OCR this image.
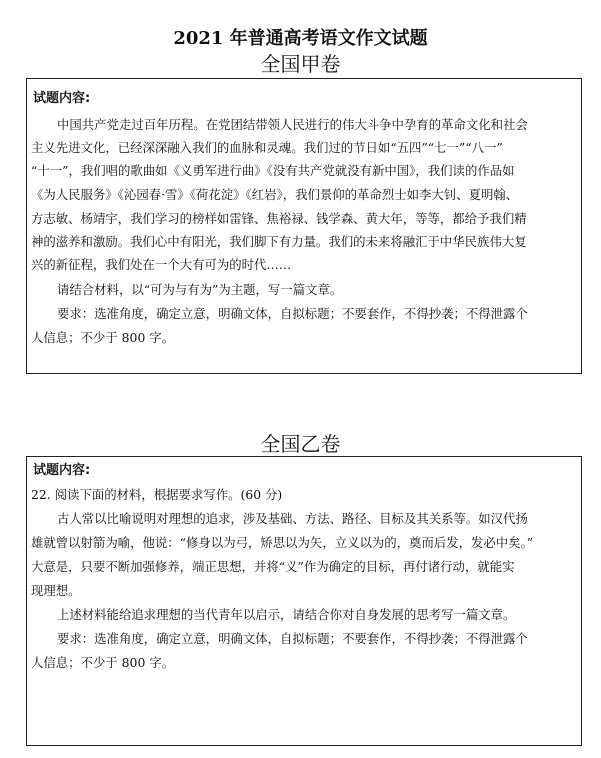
2021 年普通高考语文作文试题
全国甲卷
试题内容:
中国共产党走过百年历程。在党团结带领人民进行的伟大斗争中孕育的革命文化和社会
主义先进文化，已经深深融入我们的血脉和灵魂。我们过的节日如“五四”“七一”“八一”
“十一”，我们唱的歌曲如《义勇军进行曲》《没有共产党就没有新中国》，我们读的作品如
《为人民服务》《沁园春·雪》《荷花淀》《红岩》，我们景仰的革命烈士如李大钊、夏明翰、
方志敏、杨靖宇，我们学习的榜样如雷锋、焦裕禄、钱学森、黄大年，等等，都给予我们精
神的滋养和激励。我们心中有阳光，我们脚下有力量。我们的未来将融汇于中华民族伟大复
兴的新征程，我们处在一个大有可为的时代……
请结合材料，以“可为与有为”为主题，写一篇文章。
要求：选准角度，确定立意，明确文体，自拟标题；不要套作，不得抄袭；不得泄露个
人信息；不少于 800 字。
全国乙卷
试题内容:
22. 阅读下面的材料，根据要求写作。(60 分)
古人常以比喻说明对理想的追求，涉及基础、方法、路径、目标及其关系等。如汉代扬
雄就曾以射箭为喻，他说：“修身以为弓，矫思以为矢，立义以为的，奠而后发，发必中矣。”
大意是，只要不断加强修养，端正思想，并将“义”作为确定的目标，再付诸行动，就能实
现理想。
上述材料能给追求理想的当代青年以启示，请结合你对自身发展的思考写一篇文章。
要求：选准角度，确定立意，明确文体，自拟标题；不要套作，不得抄袭；不得泄露个
人信息；不少于 800 字。
